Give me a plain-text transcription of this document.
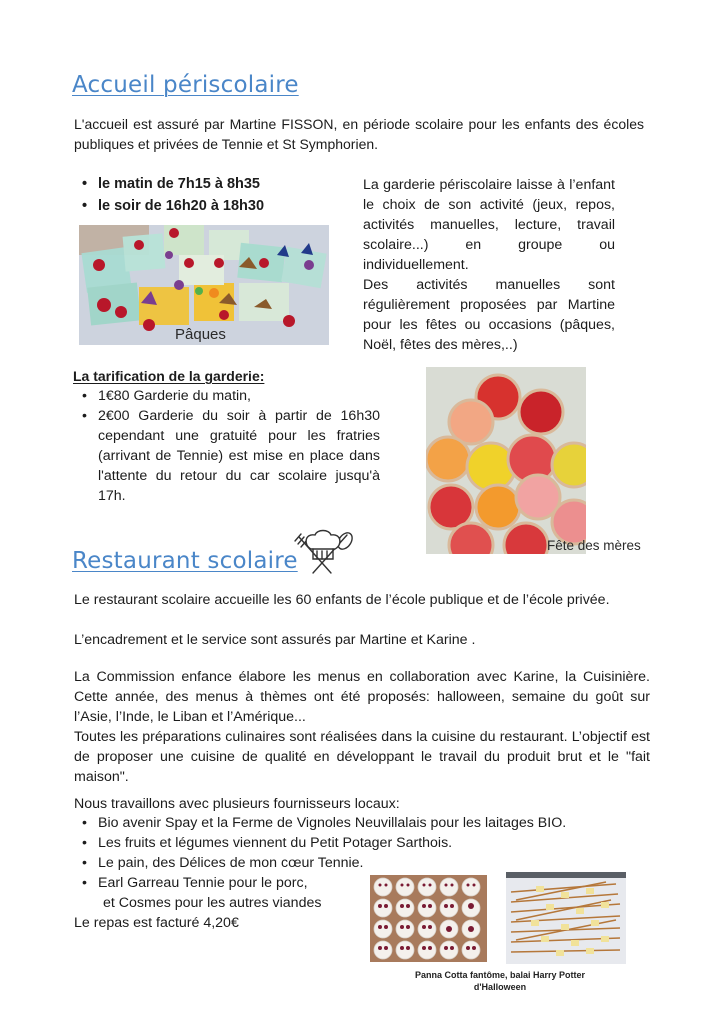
Accueil périscolaire

L'accueil est assuré par Martine FISSON, en période scolaire pour les enfants des écoles publiques et privées de Tennie et St Symphorien.

• le matin de 7h15 à 8h35
• le soir de 16h20 à 18h30
Pâques

La garderie périscolaire laisse à l’enfant le choix de son activité (jeux, repos, activités manuelles, lecture, travail scolaire...) en groupe ou individuellement.

Des activités manuelles sont régulièrement proposées par Martine pour les fêtes ou occasions (pâques, Noël, fêtes des mères,..)

La tarification de la garderie:
• 1€80 Garderie du matin,
• 2€00 Garderie du soir à partir de 16h30 cependant une gratuité pour les fratries (arrivant de Tennie) est mise en place dans l'attente du retour du car scolaire jusqu'à 17h.
Fête des mères
Restaurant scolaire

Le restaurant scolaire accueille les 60 enfants de l’école publique et de l’école privée.

L’encadrement et le service sont assurés par Martine et Karine .

La Commission enfance élabore les menus en collaboration avec Karine, la Cuisinière. Cette année, des menus à thèmes ont été proposés: halloween, semaine du goût sur l’Asie, l’Inde, le Liban et l’Amérique...

Toutes les préparations culinaires sont réalisées dans la cuisine du restaurant. L’objectif est de proposer une cuisine de qualité en développant le travail du produit brut et le "fait maison".

Nous travaillons avec plusieurs fournisseurs locaux:

• Bio avenir Spay et la Ferme de Vignoles Neuvillalais pour les laitages BIO.
• Les fruits et légumes viennent du Petit Potager Sarthois.
• Le pain, des Délices de mon cœur Tennie.
• Earl Garreau Tennie pour le porc,
et Cosmes pour les autres viandes
Le repas est facturé 4,20€
Panna Cotta fantôme, balai Harry Potter
d'Halloween
